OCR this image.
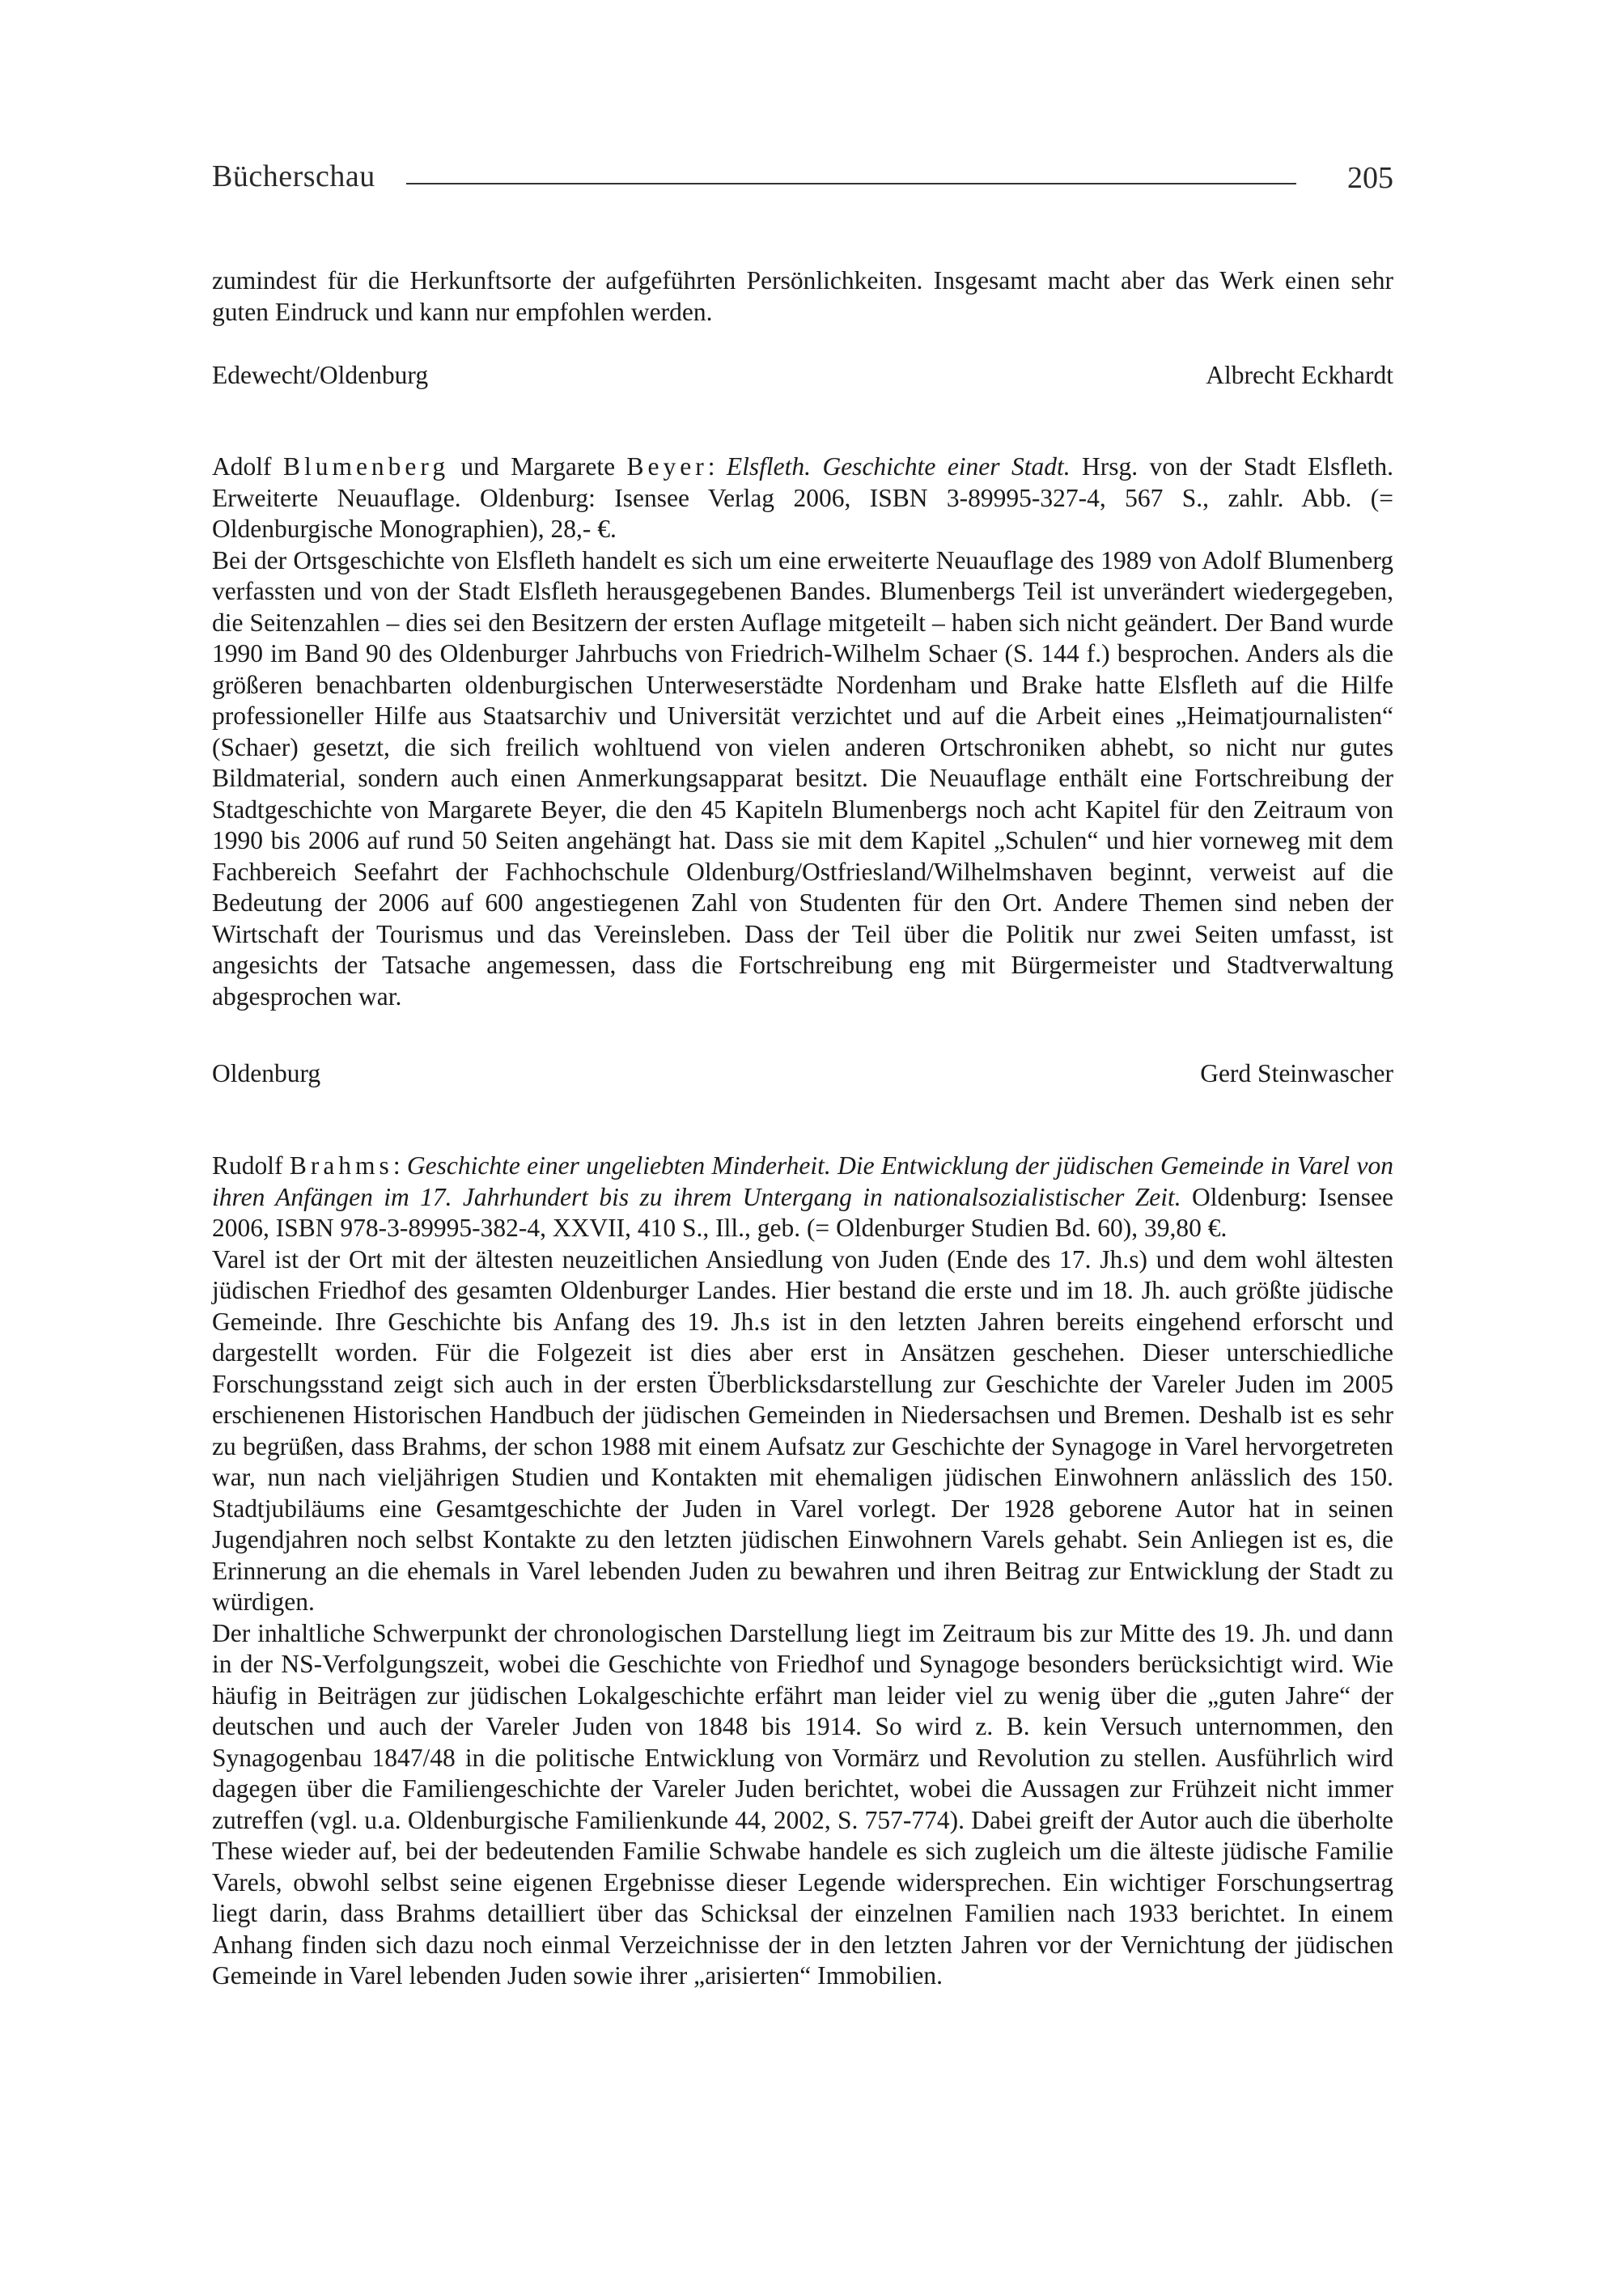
Bücherschau	205

zumindest für die Herkunftsorte der aufgeführten Persönlichkeiten. Insgesamt macht aber das Werk einen sehr guten Eindruck und kann nur empfohlen werden.

Edewecht/Oldenburg	Albrecht Eckhardt

Adolf Blumenberg und Margarete Beyer: Elsfleth. Geschichte einer Stadt. Hrsg. von der Stadt Elsfleth. Erweiterte Neuauflage. Oldenburg: Isensee Verlag 2006, ISBN 3-89995-327-4, 567 S., zahlr. Abb. (= Oldenburgische Monographien), 28,- €.

Bei der Ortsgeschichte von Elsfleth handelt es sich um eine erweiterte Neuauflage des 1989 von Adolf Blumenberg verfassten und von der Stadt Elsfleth herausgegebenen Bandes. Blumenbergs Teil ist unverändert wiedergegeben, die Seitenzahlen – dies sei den Besitzern der ersten Auflage mitgeteilt – haben sich nicht geändert. Der Band wurde 1990 im Band 90 des Oldenburger Jahrbuchs von Friedrich-Wilhelm Schaer (S. 144 f.) besprochen. Anders als die größeren benachbarten oldenburgischen Unterweserstädte Nordenham und Brake hatte Elsfleth auf die Hilfe professioneller Hilfe aus Staatsarchiv und Universität verzichtet und auf die Arbeit eines „Heimatjournalisten“ (Schaer) gesetzt, die sich freilich wohltuend von vielen anderen Ortschroniken abhebt, so nicht nur gutes Bildmaterial, sondern auch einen Anmerkungsapparat besitzt. Die Neuauflage enthält eine Fortschreibung der Stadtgeschichte von Margarete Beyer, die den 45 Kapiteln Blumenbergs noch acht Kapitel für den Zeitraum von 1990 bis 2006 auf rund 50 Seiten angehängt hat. Dass sie mit dem Kapitel „Schulen“ und hier vorneweg mit dem Fachbereich Seefahrt der Fachhochschule Oldenburg/Ostfriesland/Wilhelmshaven beginnt, verweist auf die Bedeutung der 2006 auf 600 angestiegenen Zahl von Studenten für den Ort. Andere Themen sind neben der Wirtschaft der Tourismus und das Vereinsleben. Dass der Teil über die Politik nur zwei Seiten umfasst, ist angesichts der Tatsache angemessen, dass die Fortschreibung eng mit Bürgermeister und Stadtverwaltung abgesprochen war.

Oldenburg	Gerd Steinwascher

Rudolf Brahms: Geschichte einer ungeliebten Minderheit. Die Entwicklung der jüdischen Gemeinde in Varel von ihren Anfängen im 17. Jahrhundert bis zu ihrem Untergang in nationalsozialistischer Zeit. Oldenburg: Isensee 2006, ISBN 978-3-89995-382-4, XXVII, 410 S., Ill., geb. (= Oldenburger Studien Bd. 60), 39,80 €.

Varel ist der Ort mit der ältesten neuzeitlichen Ansiedlung von Juden (Ende des 17. Jh.s) und dem wohl ältesten jüdischen Friedhof des gesamten Oldenburger Landes. Hier bestand die erste und im 18. Jh. auch größte jüdische Gemeinde. Ihre Geschichte bis Anfang des 19. Jh.s ist in den letzten Jahren bereits eingehend erforscht und dargestellt worden. Für die Folgezeit ist dies aber erst in Ansätzen geschehen. Dieser unterschiedliche Forschungsstand zeigt sich auch in der ersten Überblicksdarstellung zur Geschichte der Vareler Juden im 2005 erschienenen Historischen Handbuch der jüdischen Gemeinden in Niedersachsen und Bremen. Deshalb ist es sehr zu begrüßen, dass Brahms, der schon 1988 mit einem Aufsatz zur Geschichte der Synagoge in Varel hervorgetreten war, nun nach vieljährigen Studien und Kontakten mit ehemaligen jüdischen Einwohnern anlässlich des 150. Stadtjubiläums eine Gesamtgeschichte der Juden in Varel vorlegt. Der 1928 geborene Autor hat in seinen Jugendjahren noch selbst Kontakte zu den letzten jüdischen Einwohnern Varels gehabt. Sein Anliegen ist es, die Erinnerung an die ehemals in Varel lebenden Juden zu bewahren und ihren Beitrag zur Entwicklung der Stadt zu würdigen.

Der inhaltliche Schwerpunkt der chronologischen Darstellung liegt im Zeitraum bis zur Mitte des 19. Jh. und dann in der NS-Verfolgungszeit, wobei die Geschichte von Friedhof und Synagoge besonders berücksichtigt wird. Wie häufig in Beiträgen zur jüdischen Lokalgeschichte erfährt man leider viel zu wenig über die „guten Jahre“ der deutschen und auch der Vareler Juden von 1848 bis 1914. So wird z. B. kein Versuch unternommen, den Synagogenbau 1847/48 in die politische Entwicklung von Vormärz und Revolution zu stellen. Ausführlich wird dagegen über die Familiengeschichte der Vareler Juden berichtet, wobei die Aussagen zur Frühzeit nicht immer zutreffen (vgl. u.a. Oldenburgische Familienkunde 44, 2002, S. 757-774). Dabei greift der Autor auch die überholte These wieder auf, bei der bedeutenden Familie Schwabe handele es sich zugleich um die älteste jüdische Familie Varels, obwohl selbst seine eigenen Ergebnisse dieser Legende widersprechen. Ein wichtiger Forschungsertrag liegt darin, dass Brahms detailliert über das Schicksal der einzelnen Familien nach 1933 berichtet. In einem Anhang finden sich dazu noch einmal Verzeichnisse der in den letzten Jahren vor der Vernichtung der jüdischen Gemeinde in Varel lebenden Juden sowie ihrer „arisierten“ Immobilien.
